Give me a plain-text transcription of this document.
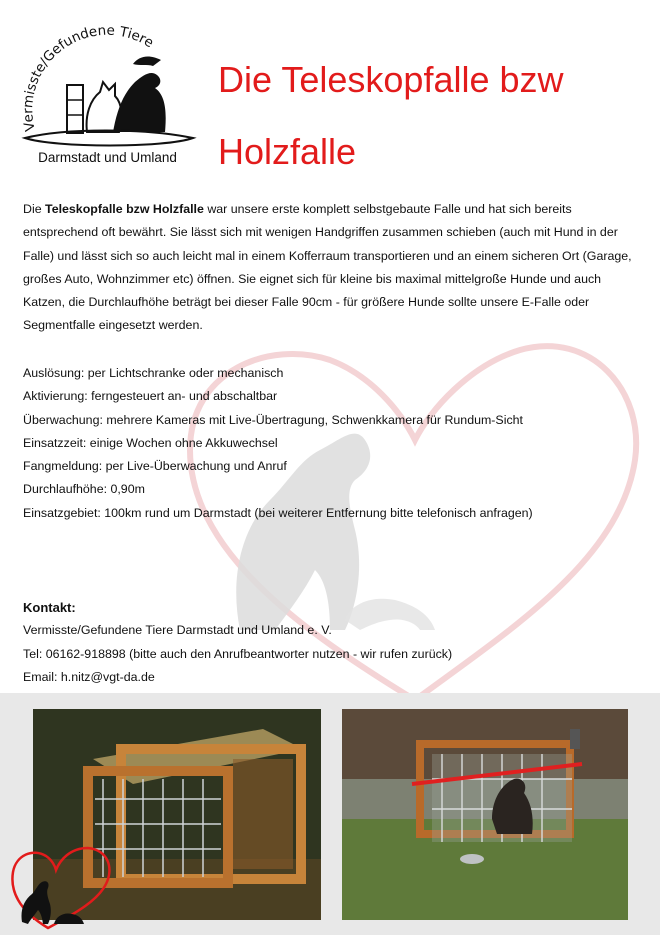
Vermisste/Gefundene Tiere
Darmstadt und Umland
Die Teleskopfalle bzw
Holzfalle
Die Teleskopfalle bzw Holzfalle war unsere erste komplett selbstgebaute Falle und hat sich bereits entsprechend oft bewährt. Sie lässt sich mit wenigen Handgriffen zusammen schieben (auch mit Hund in der Falle) und lässt sich so auch leicht mal in einem Kofferraum transportieren und an einem sicheren Ort (Garage, großes Auto, Wohnzimmer etc) öffnen. Sie eignet sich für kleine bis maximal mittelgroße Hunde und auch Katzen, die Durchlaufhöhe beträgt bei dieser Falle 90cm - für größere Hunde sollte unsere E-Falle oder Segmentfalle eingesetzt werden.
Auslösung: per Lichtschranke oder mechanisch
Aktivierung: ferngesteuert an- und abschaltbar
Überwachung: mehrere Kameras mit Live-Übertragung, Schwenkkamera für Rundum-Sicht
Einsatzzeit: einige Wochen ohne Akkuwechsel
Fangmeldung: per Live-Überwachung und Anruf
Durchlaufhöhe: 0,90m
Einsatzgebiet: 100km rund um Darmstadt (bei weiterer Entfernung bitte telefonisch anfragen)
Kontakt:
Vermisste/Gefundene Tiere Darmstadt und Umland e. V.
Tel: 06162-918898 (bitte auch den Anrufbeantworter nutzen - wir rufen zurück)
Email: h.nitz@vgt-da.de
